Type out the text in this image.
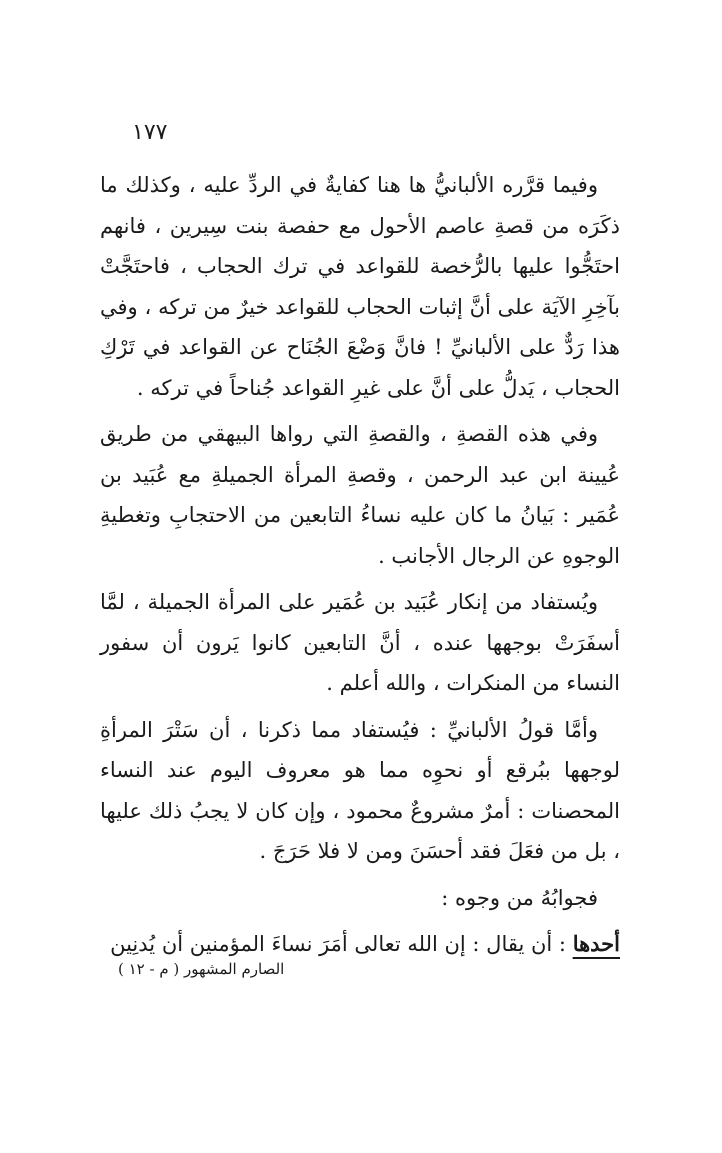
١٧٧

وفيما قرَّره الألبانيُّ ها هنا كفايةٌ في الردِّ عليه ، وكذلك ما ذكَرَه من قصةِ عاصم الأحول مع حفصة بنت سِيرين ، فانهم احتَجُّوا عليها بالرُّخصة للقواعد في ترك الحجاب ، فاحتَجَّتْ بآخِرِ الآيَة على أنَّ إثبات الحجاب للقواعد خيرٌ من تركه ، وفي هذا رَدٌّ على الألبانيِّ ! فانَّ وَضْعَ الجُنَاح عن القواعد في تَرْكِ الحجاب ، يَدلُّ على أنَّ على غيرِ القواعد جُناحاً في تركه .

وفي هذه القصةِ ، والقصةِ التي رواها البيهقي من طريق عُيينة ابن عبد الرحمن ، وقصةِ المرأة الجميلةِ مع عُبَيد بن عُمَير : بَيانُ ما كان عليه نساءُ التابعين من الاحتجابِ وتغطيةِ الوجوهِ عن الرجال الأجانب .

ويُستفاد من إنكار عُبَيد بن عُمَير على المرأة الجميلة ، لمَّا أسفَرَتْ بوجهها عنده ، أنَّ التابعين كانوا يَرون أن سفور النساء من المنكرات ، والله أعلم .

وأمَّا قولُ الألبانيِّ : فيُستفاد مما ذكرنا ، أن سَتْرَ المرأةِ لوجهها ببُرقع أو نحوِه مما هو معروف اليوم عند النساء المحصنات : أمرٌ مشروعٌ محمود ، وإن كان لا يجبُ ذلك عليها ، بل من فعَلَ فقد أحسَنَ ومن لا فلا حَرَجَ .

فجوابُهُ من وجوه :

أحدها : أن يقال : إن الله تعالى أمَرَ نساءَ المؤمنين أن يُدنِين

الصارم المشهور ( م - ١٢ )
